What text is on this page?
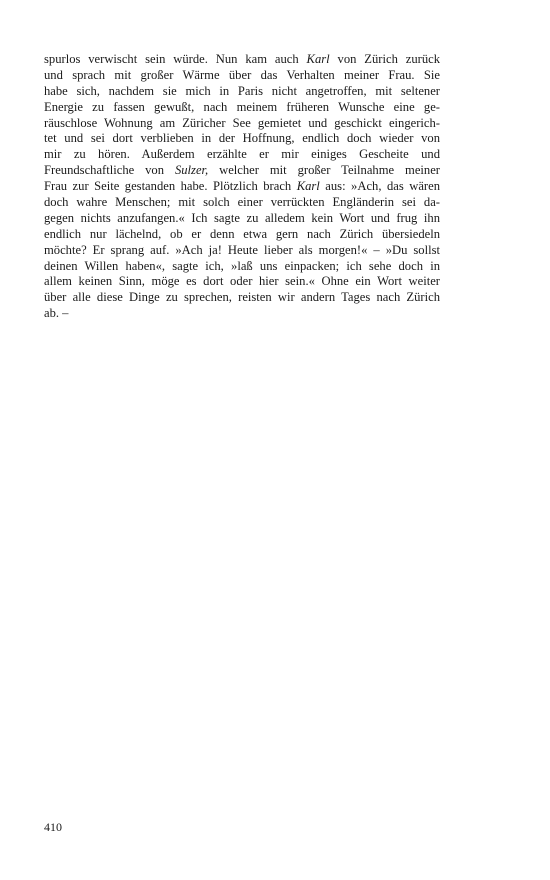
spurlos verwischt sein würde. Nun kam auch Karl von Zürich zurück
und sprach mit großer Wärme über das Verhalten meiner Frau. Sie
habe sich, nachdem sie mich in Paris nicht angetroffen, mit seltener
Energie zu fassen gewußt, nach meinem früheren Wunsche eine ge-
räuschlose Wohnung am Züricher See gemietet und geschickt eingerich-
tet und sei dort verblieben in der Hoffnung, endlich doch wieder von
mir zu hören. Außerdem erzählte er mir einiges Gescheite und
Freundschaftliche von Sulzer, welcher mit großer Teilnahme meiner
Frau zur Seite gestanden habe. Plötzlich brach Karl aus: »Ach, das wären
doch wahre Menschen; mit solch einer verrückten Engländerin sei da-
gegen nichts anzufangen.« Ich sagte zu alledem kein Wort und frug ihn
endlich nur lächelnd, ob er denn etwa gern nach Zürich übersiedeln
möchte? Er sprang auf. »Ach ja! Heute lieber als morgen!« – »Du sollst
deinen Willen haben«, sagte ich, »laß uns einpacken; ich sehe doch in
allem keinen Sinn, möge es dort oder hier sein.« Ohne ein Wort weiter
über alle diese Dinge zu sprechen, reisten wir andern Tages nach Zürich
ab. –
410
